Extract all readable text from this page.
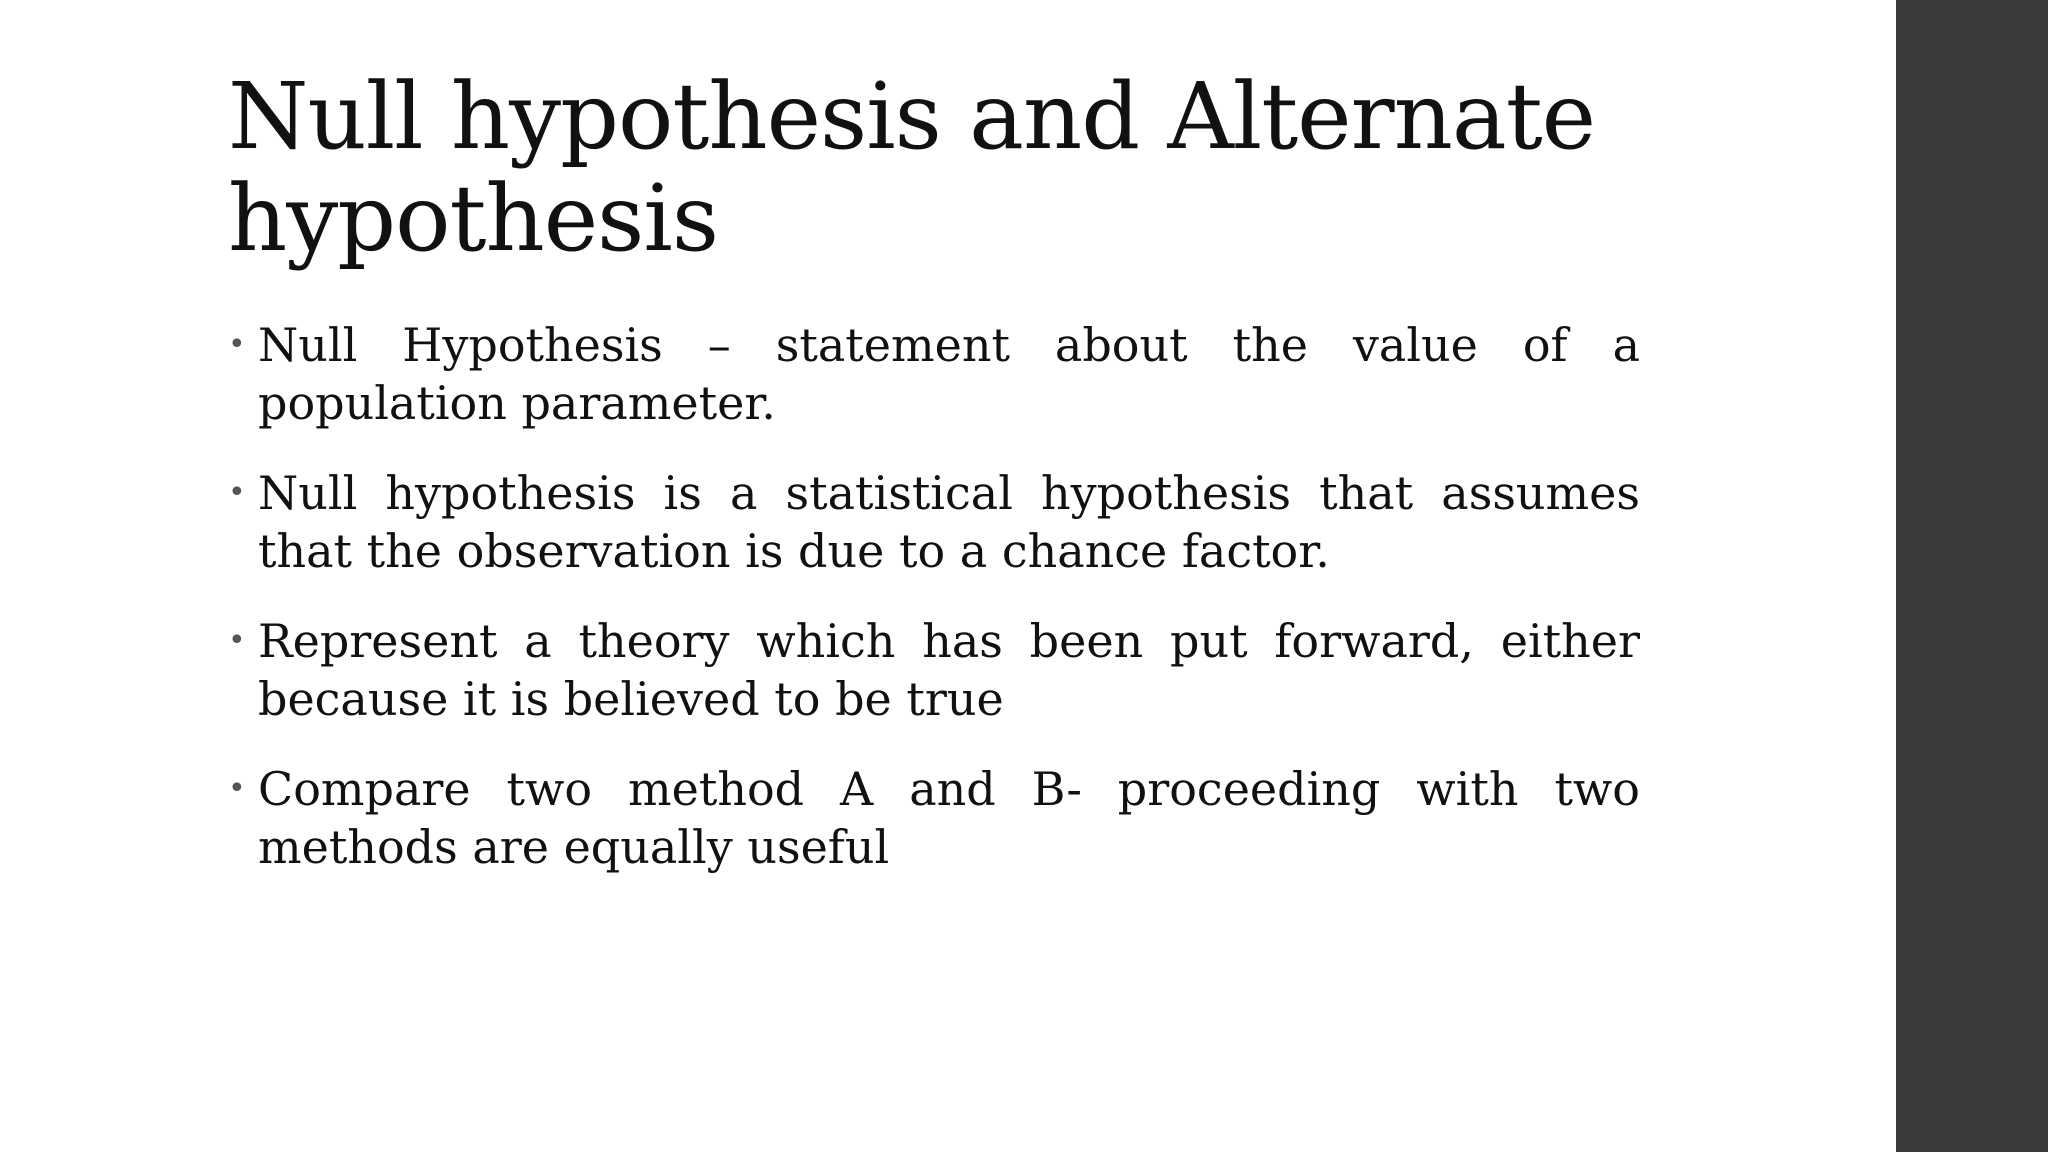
Null hypothesis and Alternate hypothesis
• Null Hypothesis – statement about the value of a population parameter.
• Null hypothesis is a statistical hypothesis that assumes that the observation is due to a chance factor.
• Represent a theory which has been put forward, either because it is believed to be true
• Compare two method A and B- proceeding with two methods are equally useful
